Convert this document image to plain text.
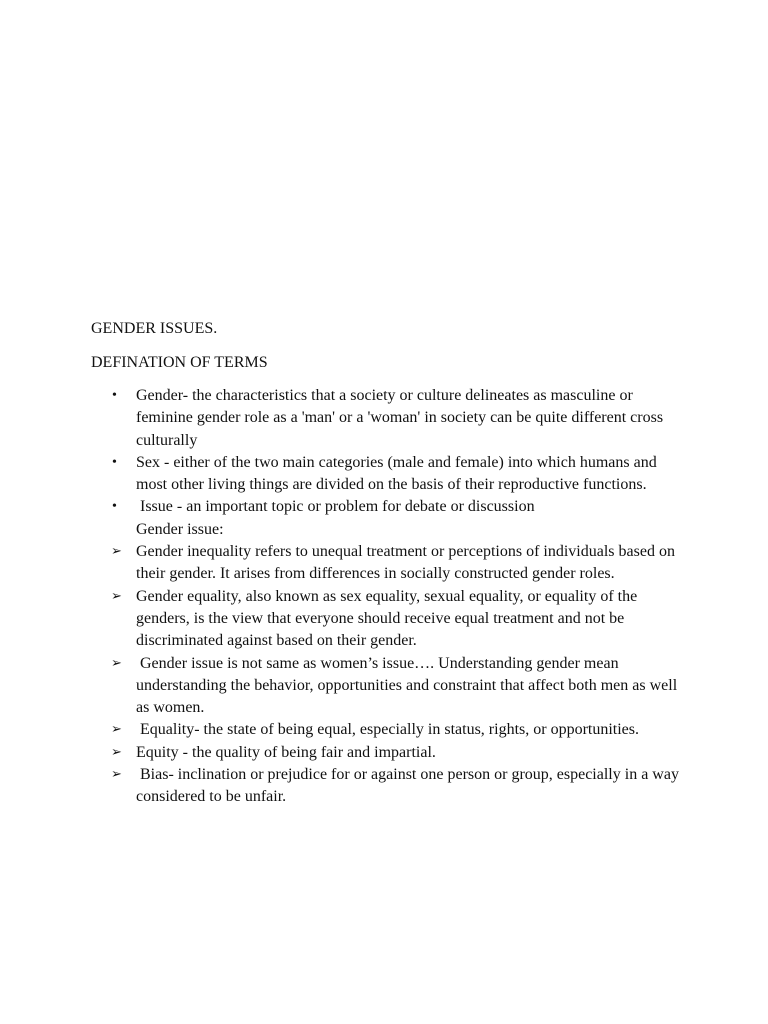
GENDER ISSUES.

DEFINATION OF TERMS

•	Gender- the characteristics that a society or culture delineates as masculine or feminine gender role as a 'man' or a 'woman' in society can be quite different cross culturally
•	Sex - either of the two main categories (male and female) into which humans and most other living things are divided on the basis of their reproductive functions.
•	Issue - an important topic or problem for debate or discussion
Gender issue:
➢ Gender inequality refers to unequal treatment or perceptions of individuals based on their gender. It arises from differences in socially constructed gender roles.
➢ Gender equality, also known as sex equality, sexual equality, or equality of the genders, is the view that everyone should receive equal treatment and not be discriminated against based on their gender.
➢ Gender issue is not same as women’s issue…. Understanding gender mean understanding the behavior, opportunities and constraint that affect both men as well as women.
➢ Equality- the state of being equal, especially in status, rights, or opportunities.
➢ Equity - the quality of being fair and impartial.
➢ Bias- inclination or prejudice for or against one person or group, especially in a way considered to be unfair.
